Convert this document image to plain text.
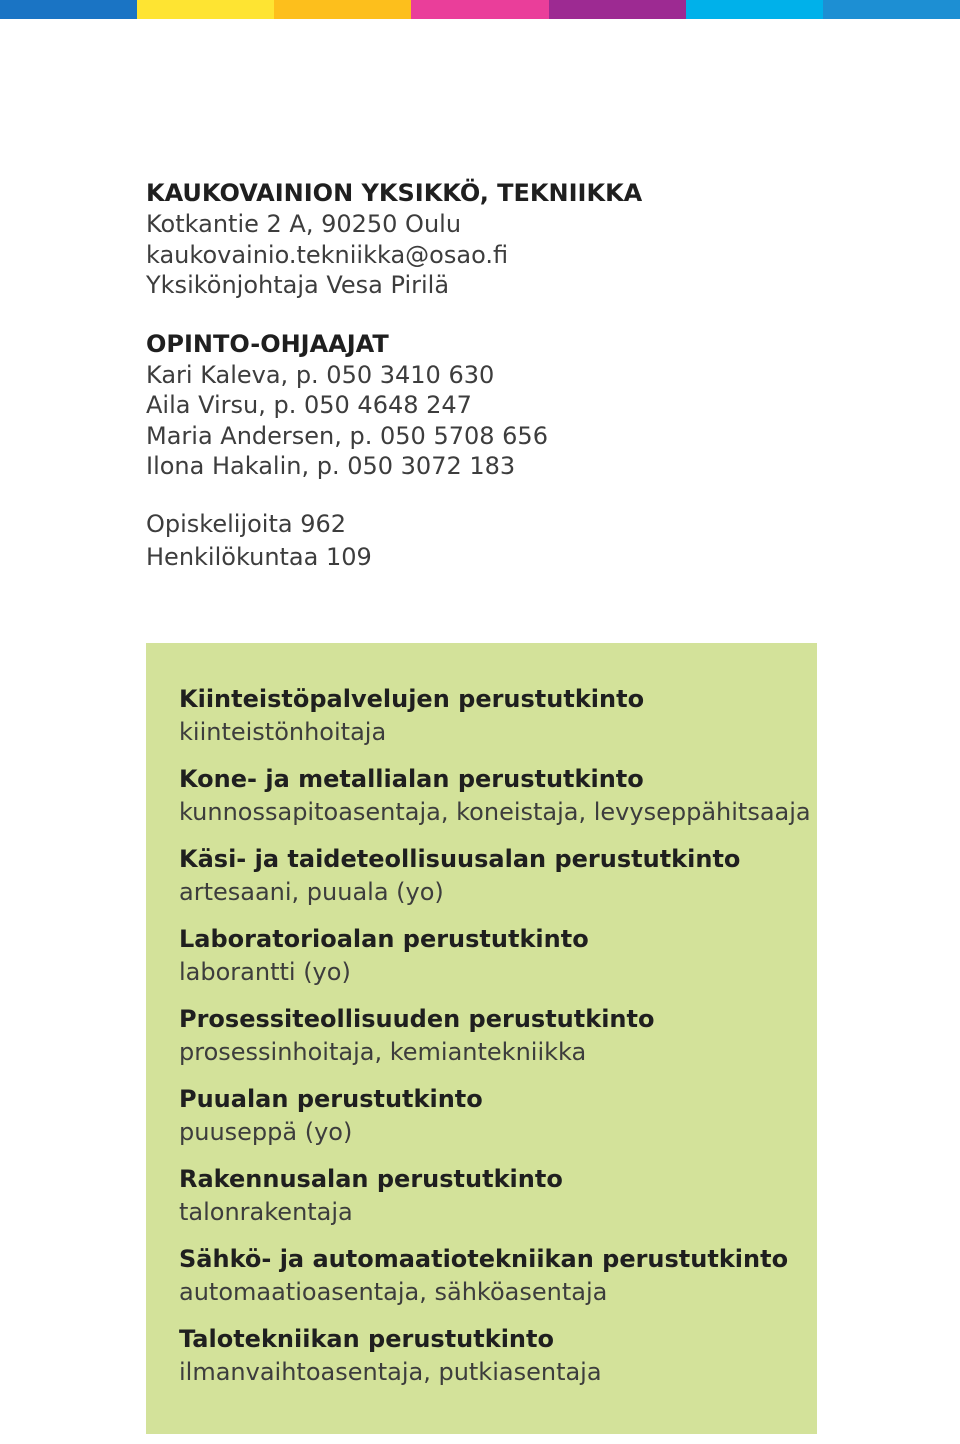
KAUKOVAINION YKSIKKÖ, TEKNIIKKA
Kotkantie 2 A, 90250 Oulu
kaukovainio.tekniikka@osao.fi
Yksikönjohtaja Vesa Pirilä
OPINTO-OHJAAJAT
Kari Kaleva, p. 050 3410 630
Aila Virsu, p. 050 4648 247
Maria Andersen, p. 050 5708 656
Ilona Hakalin, p. 050 3072 183
Opiskelijoita 962
Henkilökuntaa 109
Kiinteistöpalvelujen perustutkinto
kiinteistönhoitaja
Kone- ja metallialan perustutkinto
kunnossapitoasentaja, koneistaja, levyseppähitsaaja
Käsi- ja taideteollisuusalan perustutkinto
artesaani, puuala (yo)
Laboratorioalan perustutkinto
laborantti (yo)
Prosessiteollisuuden perustutkinto
prosessinhoitaja, kemiantekniikka
Puualan perustutkinto
puuseppä (yo)
Rakennusalan perustutkinto
talonrakentaja
Sähkö- ja automaatiotekniikan perustutkinto
automaatioasentaja, sähköasentaja
Talotekniikan perustutkinto
ilmanvaihtoasentaja, putkiasentaja
